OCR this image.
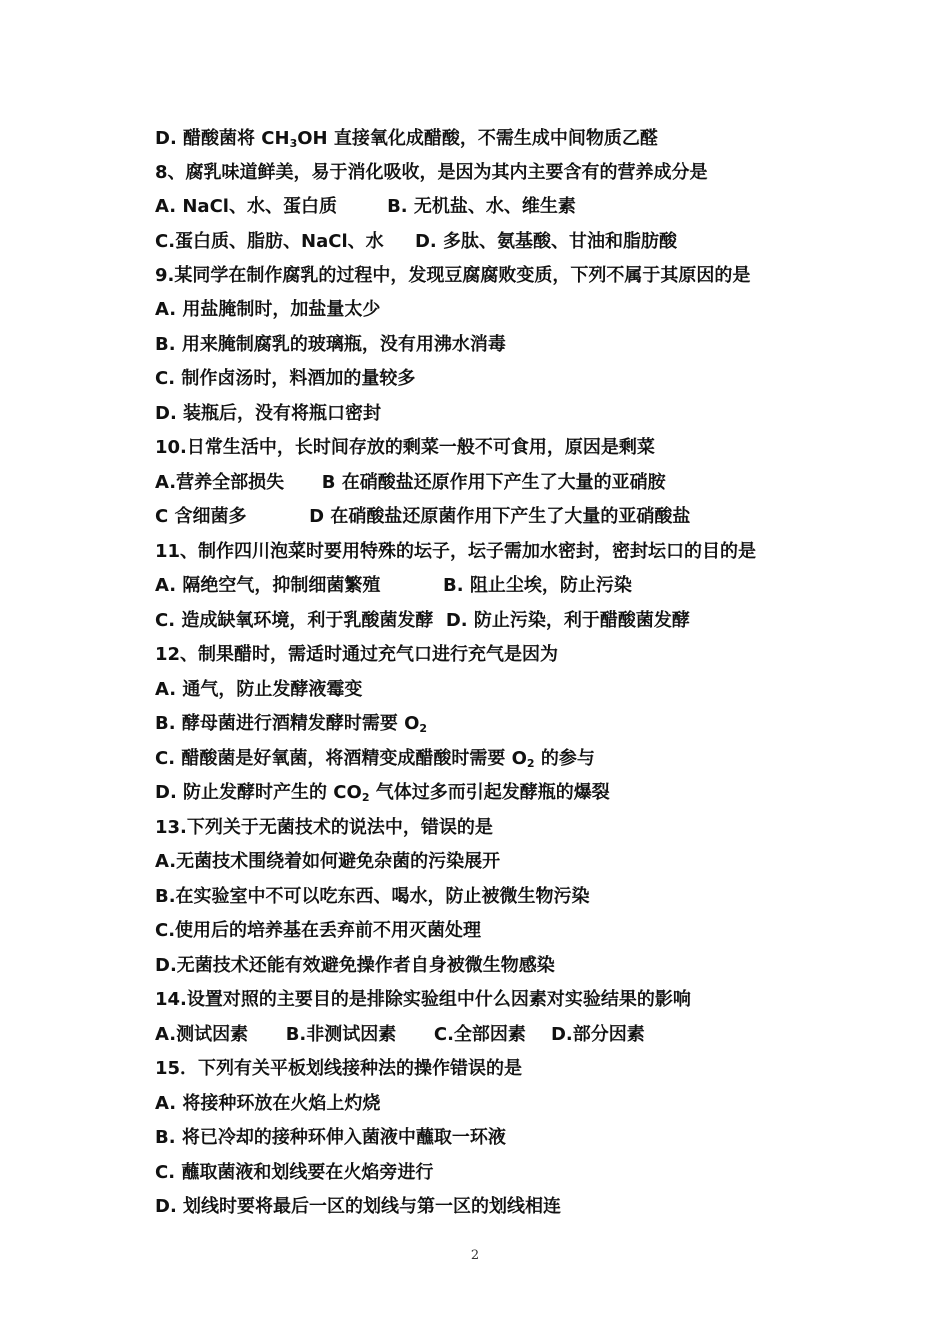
D. 醋酸菌将 $CH_3OH$ 直接氧化成醋酸，不需生成中间物质乙醛
8、腐乳味道鲜美，易于消化吸收，是因为其内主要含有的营养成分是
A. NaCl、水、蛋白质        B. 无机盐、水、维生素
C.蛋白质、脂肪、NaCl、水     D. 多肽、氨基酸、甘油和脂肪酸
9.某同学在制作腐乳的过程中，发现豆腐腐败变质，下列不属于其原因的是
A. 用盐腌制时，加盐量太少
B. 用来腌制腐乳的玻璃瓶，没有用沸水消毒
C. 制作卤汤时，料酒加的量较多
D. 装瓶后，没有将瓶口密封
10.日常生活中，长时间存放的剩菜一般不可食用，原因是剩菜
A.营养全部损失      B 在硝酸盐还原作用下产生了大量的亚硝胺
C 含细菌多          D 在硝酸盐还原菌作用下产生了大量的亚硝酸盐
11、制作四川泡菜时要用特殊的坛子，坛子需加水密封，密封坛口的目的是
A. 隔绝空气，抑制细菌繁殖          B. 阻止尘埃，防止污染
C. 造成缺氧环境，利于乳酸菌发酵  D. 防止污染，利于醋酸菌发酵
12、制果醋时，需适时通过充气口进行充气是因为
A. 通气，防止发酵液霉变
B. 酵母菌进行酒精发酵时需要 $O_2$
C. 醋酸菌是好氧菌，将酒精变成醋酸时需要 $O_2$ 的参与
D. 防止发酵时产生的 $CO_2$ 气体过多而引起发酵瓶的爆裂
13.下列关于无菌技术的说法中，错误的是
A.无菌技术围绕着如何避免杂菌的污染展开
B.在实验室中不可以吃东西、喝水，防止被微生物污染
C.使用后的培养基在丢弃前不用灭菌处理
D.无菌技术还能有效避免操作者自身被微生物感染
14.设置对照的主要目的是排除实验组中什么因素对实验结果的影响
A.测试因素      B.非测试因素      C.全部因素    D.部分因素
15．下列有关平板划线接种法的操作错误的是
A. 将接种环放在火焰上灼烧
B. 将已冷却的接种环伸入菌液中蘸取一环液
C. 蘸取菌液和划线要在火焰旁进行
D. 划线时要将最后一区的划线与第一区的划线相连
2
